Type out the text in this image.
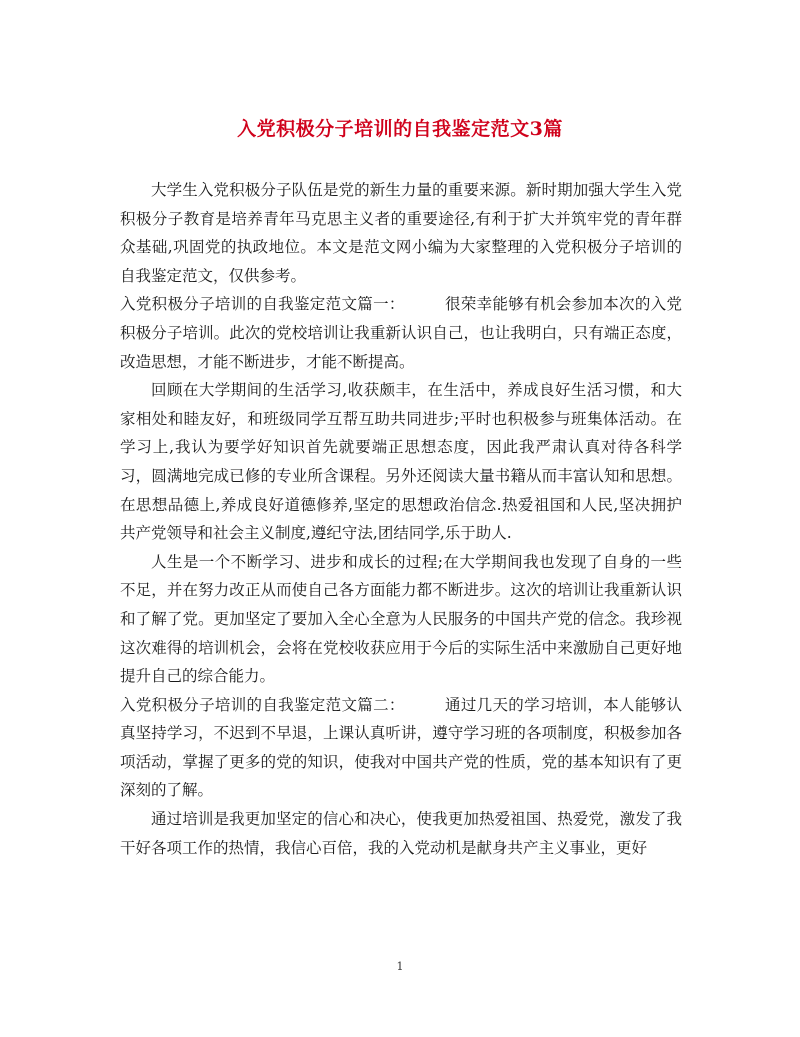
入党积极分子培训的自我鉴定范文3篇

大学生入党积极分子队伍是党的新生力量的重要来源。新时期加强大学生入党积极分子教育是培养青年马克思主义者的重要途径,有利于扩大并筑牢党的青年群众基础,巩固党的执政地位。本文是范文网小编为大家整理的入党积极分子培训的自我鉴定范文，仅供参考。

入党积极分子培训的自我鉴定范文篇一：	很荣幸能够有机会参加本次的入党积极分子培训。此次的党校培训让我重新认识自己，也让我明白，只有端正态度，改造思想，才能不断进步，才能不断提高。

回顾在大学期间的生活学习,收获颇丰，在生活中，养成良好生活习惯，和大家相处和睦友好，和班级同学互帮互助共同进步;平时也积极参与班集体活动。在学习上,我认为要学好知识首先就要端正思想态度，因此我严肃认真对待各科学习，圆满地完成已修的专业所含课程。另外还阅读大量书籍从而丰富认知和思想。在思想品德上,养成良好道德修养,坚定的思想政治信念.热爱祖国和人民,坚决拥护共产党领导和社会主义制度,遵纪守法,团结同学,乐于助人.

人生是一个不断学习、进步和成长的过程;在大学期间我也发现了自身的一些不足，并在努力改正从而使自己各方面能力都不断进步。这次的培训让我重新认识和了解了党。更加坚定了要加入全心全意为人民服务的中国共产党的信念。我珍视这次难得的培训机会，会将在党校收获应用于今后的实际生活中来激励自己更好地提升自己的综合能力。

入党积极分子培训的自我鉴定范文篇二：	通过几天的学习培训，本人能够认真坚持学习，不迟到不早退，上课认真听讲，遵守学习班的各项制度，积极参加各项活动，掌握了更多的党的知识，使我对中国共产党的性质，党的基本知识有了更深刻的了解。

通过培训是我更加坚定的信心和决心，使我更加热爱祖国、热爱党，激发了我干好各项工作的热情，我信心百倍，我的入党动机是献身共产主义事业，更好

1
